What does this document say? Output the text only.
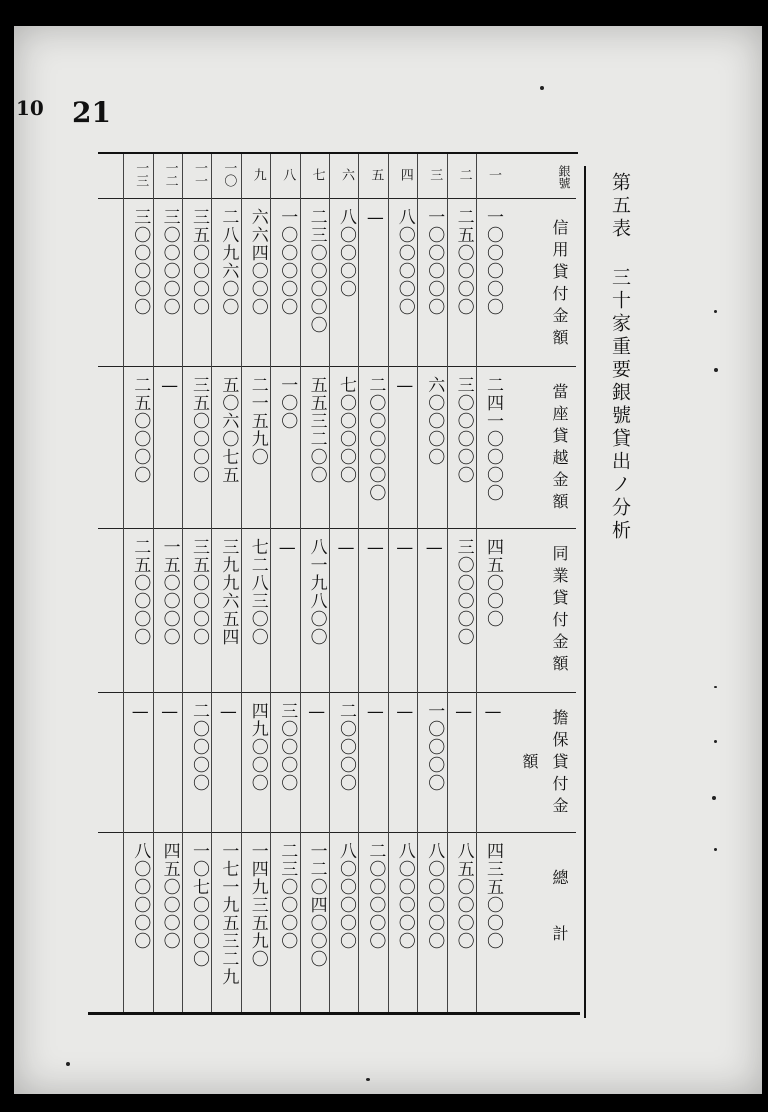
10 21
第五表 三十家重要銀號貸出ノ分析
銀號
信用貸付金額
當座貸越金額
同業貸付金額
擔保貸付金額
總計
一
一〇〇〇〇〇
二四一〇〇〇〇
四五〇〇〇
—
四三五〇〇〇
二
二五〇〇〇〇
三〇〇〇〇〇
三〇〇〇〇〇
—
八五〇〇〇〇
三
一〇〇〇〇〇
六〇〇〇〇
—
一〇〇〇〇
八〇〇〇〇〇
四
八〇〇〇〇〇
—
—
—
八〇〇〇〇〇
五
—
二〇〇〇〇〇〇
—
—
二〇〇〇〇〇
六
八〇〇〇〇
七〇〇〇〇〇
—
二〇〇〇〇
八〇〇〇〇〇
七
二三〇〇〇〇〇
五五三二〇〇
八一九八〇〇
—
一二〇四〇〇〇
八
一〇〇〇〇〇
一〇〇
—
三〇〇〇〇
二三〇〇〇〇
九
六六四〇〇〇
二一五九〇
七二八三〇〇
四九〇〇〇
一四九三五九〇
一〇
二八九六〇〇
五〇六〇七五
三九九六五四
—
一七一九五三二九
一一
三五〇〇〇〇
三五〇〇〇〇
三五〇〇〇〇
二〇〇〇〇
一〇七〇〇〇〇
一二
三〇〇〇〇〇
—
一五〇〇〇〇
—
四五〇〇〇〇
一三
三〇〇〇〇〇
二五〇〇〇〇
二五〇〇〇〇
—
八〇〇〇〇〇
